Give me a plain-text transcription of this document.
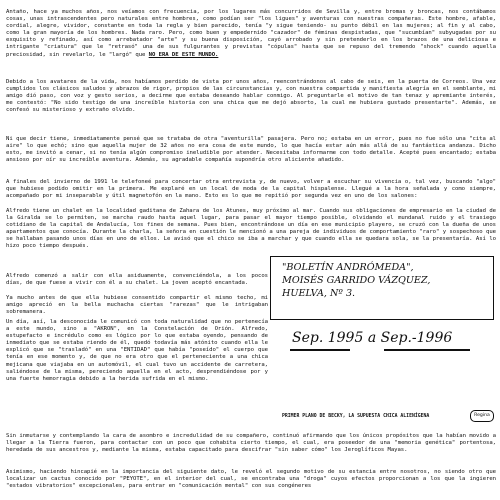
Antaño, hace ya muchos años, nos veíamos con frecuencia, por los lugares más concurridos de Sevilla y, entre bromas y broncas, nos contábamos cosas, unas intrascendentes pero naturales entre hombres, como podían ser "los ligues" y aventuras con nuestras compañeras. Este hombre, afable, cordial, alegre, vividor, constante en toda la regla y bien parecido, tenía "y sigue teniendo- su punto débil en las mujeres; al fin y al cabo, como la gran mayoría de los hombres. Nada raro. Pero, como buen y empedernido "cazador" de féminas despistadas, que "sucumbían" subyugadas por su exquisito y refinado, así como arrebatador "arte" y su buena disposición, cayó arrobado y sin pretenderlo en los brazos de una deliciosa e intrigante "criatura" que le "retrasó" una de sus fulgurantes y previstas "cópulas" hasta que se repuso del tremendo "shock" cuando aquella preciosidad, sin revelarlo, le "largó" que NO ERA DE ESTE MUNDO.

Debido a los avatares de la vida, nos habíamos perdido de vista por unos años, reencontrándonos al cabo de seis, en la puerta de Correos. Una vez cumplidos los clásicos saludos y abrazos de rigor, propios de las circunstancias y, con nuestra compartida y manifiesta alegría en el semblante, mi amigo dió paso, con voz y gesto serios, a decirme que estaba deseando hablar conmigo. Al preguntarle el motivo de tan tenaz y apremiante interés, me contestó: "No sido testigo de una increíble historia con una chica que me dejó absorto, la cual me hubiera gustado presentarte". Además, se confesó su misterioso y extraño olvido.

Ni que decir tiene, inmediatamente pensé que se trataba de otra "aventurilla" pasajera. Pero no; estaba en un error, pues no fue sólo una "cita al aire" lo que echó; sino que aquella mujer de 32 años no era cosa de este mundo, lo que hacía estar aún más allá de su fantástica andanza. Dicho esto, me invitó a cenar, si no tenía algún compromiso ineludible por atender. Necesitaba informarme con todo detalle. Acepté pues encantado; estaba ansioso por oír su increíble aventura. Además, su agradable compañía supondría otro aliciente añadido.

A finales del invierno de 1991 le telefoneé para concertar otra entrevista y, de nuevo, volver a escuchar su vivencia o, tal vez, buscando "algo" que hubiese podido omitir en la primera. Me explaré en un local de moda de la capital hispalense. Llegué a la hora señalada y como siempre, acompañado por mi inseparable y útil magnetofón en la mano. Esto es lo que me repitió por segunda vez en uno de los salones:

Alfredo tiene un chalet en la localidad gaditana de Zahara de los Atunes, muy próximo al mar. Cuando sus obligaciones de empresario en la ciudad de la Giralda se lo permiten, se marcha raudo hasta aquel lugar, para pasar el mayor tiempo posible, olvidando el mundanal ruido y el trasiego cotidiano de la capital de Andalucía, los fines de semana. Pues bien, encontrándose un día en ese municipio playero, se cruzó con la dueña de unos apartamentos que conocía. Durante la charla, la señora en cuestión le mencionó a una pareja de individuos de comportamiento "raro" y sospechoso que se hallaban pasando unos días en uno de ellos. Le avisó que el chico se iba a marchar y que cuando ella se quedara sola, se la presentaría. Así lo hizo poco tiempo después.

Alfredo comenzó a salir con ella asiduamente, convenciéndola, a los pocos días, de que fuese a vivir con él a su chalet. La joven aceptó encantada.

Ya mucho antes de que ella hubiese consentido compartir el mismo techo, mi amigo apreció en la bella muchacha ciertas "rarezas" que le intrigaban sobremanera.

Un día, así, la desconocida le comunicó con toda naturalidad que no pertenecía a este mundo, sino a "AKRON", en la Constelación de Orión. Alfredo, estupefacto e incrédulo como es lógico por lo que estaba oyendo, pensando de inmediato que se estaba riendo de él, quedó todavía más atónito cuando ella le explicó que se "trasladó" en una "ENTIDAD" que había "poseído" el cuerpo que tenía en ese momento y, de que no era otro que el perteneciente a una chica mejicana que viajaba en un automóvil, el cual tuvo un accidente de carretera, saliéndose de la misma, pereciendo aquella en el acto, desprendiéndose por y una fuerte hemorragia debido a la herida sufrida en el mismo.

Sin inmutarse y contemplando la cara de asombro e incredulidad de su compañero, continuó afirmando que los únicos propósitos que la habían movido a llegar a la Tierra fueron, para contactar con un poco que cohabita cierto tiempo, el cual, era poseedor de una "memoria genética" portentosa, heredada de sus ancestros y, mediante la misma, estaba capacitado para descifrar "sin saber cómo" los Jeroglíficos Mayas.

Asimismo, haciendo hincapié en la importancia del siguiente dato, le reveló el segundo motivo de su estancia entre nosotros, no siendo otro que localizar un cactus conocido por "PEYOTE", en el interior del cual, se encontraba una "droga" cuyos efectos proporcionan a los que la ingieren "estados vibratorios" excepcionales, para entrar en "comunicación mental" con sus congéneres

"BOLETÍN ANDRÓMEDA",
MOISÉS GARRIDO VÁZQUEZ,
HUELVA, Nº 3.
Sep. 1995 a Sep.-1996
PRIMER PLANO DE BECKY, LA SUPUESTA CHICA ALIENÍGENA	Regina
